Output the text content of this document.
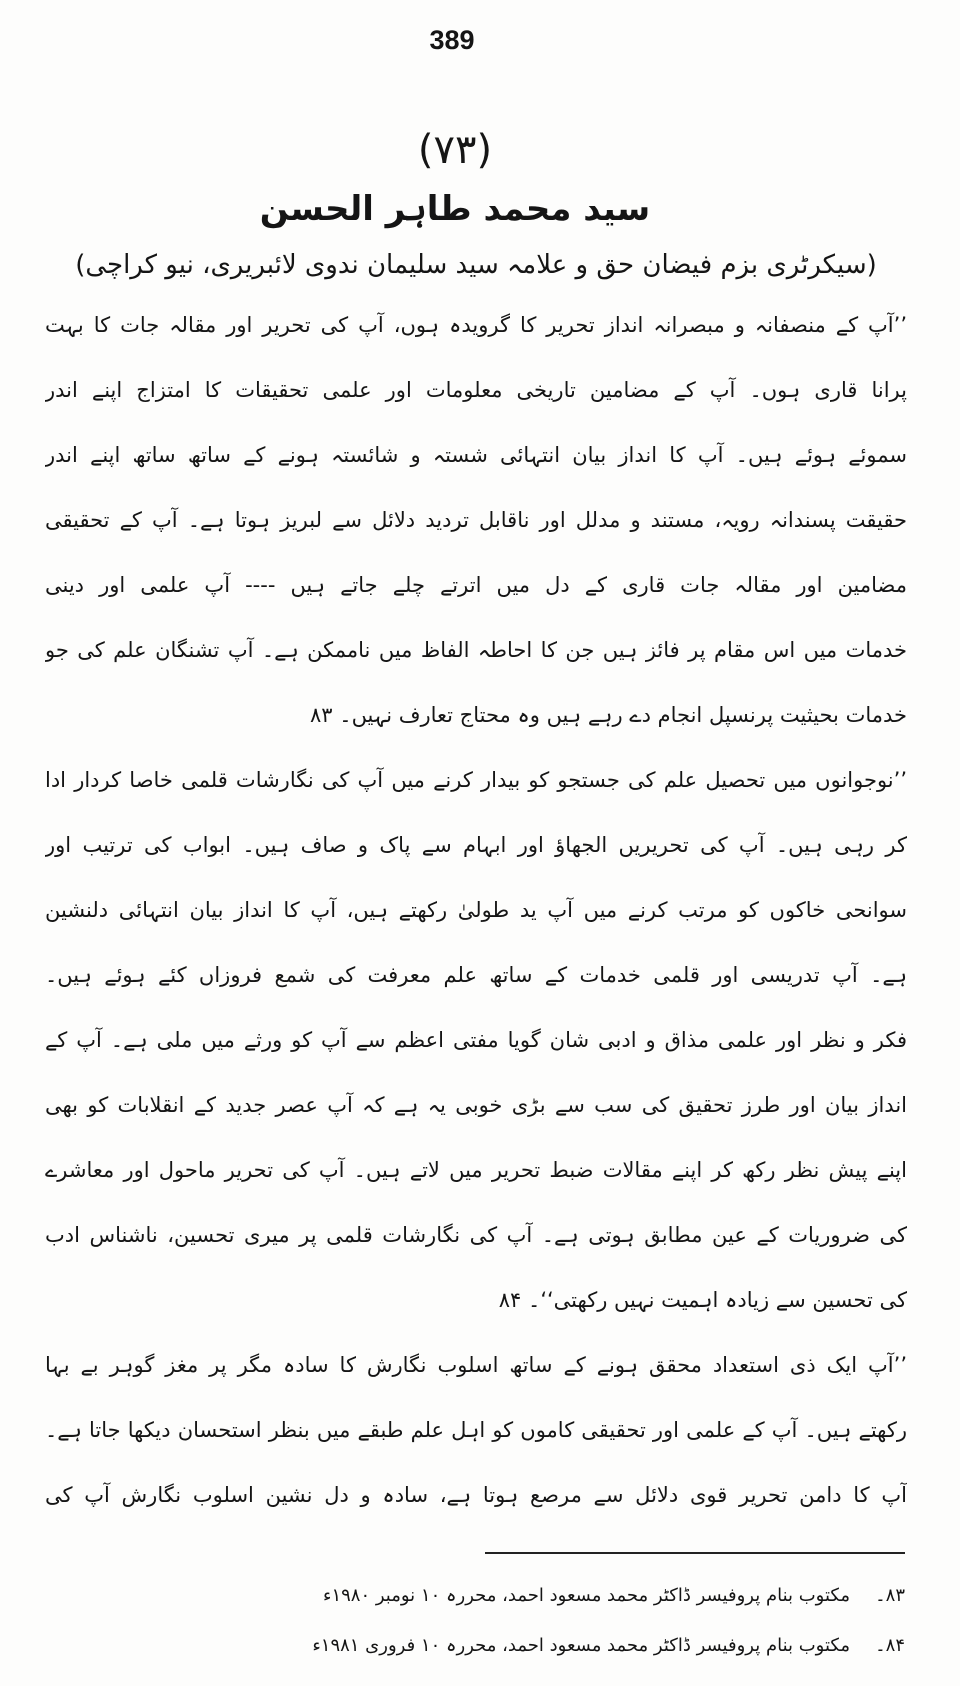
389
(۷۳)
سید محمد طاہر الحسن
(سیکرٹری بزم فیضان حق و علامہ سید سلیمان ندوی لائبریری، نیو کراچی)
’’آپ کے منصفانہ و مبصرانہ انداز تحریر کا گرویدہ ہوں، آپ کی تحریر اور مقالہ جات کا بہت
پرانا قاری ہوں۔ آپ کے مضامین تاریخی معلومات اور علمی تحقیقات کا امتزاج اپنے اندر
سموئے ہوئے ہیں۔ آپ کا انداز بیان انتہائی شستہ و شائستہ ہونے کے ساتھ ساتھ اپنے اندر
حقیقت پسندانہ رویہ، مستند و مدلل اور ناقابل تردید دلائل سے لبریز ہوتا ہے۔ آپ کے تحقیقی
مضامین اور مقالہ جات قاری کے دل میں اترتے چلے جاتے ہیں ---- آپ علمی اور دینی
خدمات میں اس مقام پر فائز ہیں جن کا احاطہ الفاظ میں ناممکن ہے۔ آپ تشنگان علم کی جو
خدمات بحیثیت پرنسپل انجام دے رہے ہیں وہ محتاج تعارف نہیں۔ ۸۳
’’نوجوانوں میں تحصیل علم کی جستجو کو بیدار کرنے میں آپ کی نگارشات قلمی خاصا کردار ادا
کر رہی ہیں۔ آپ کی تحریریں الجھاؤ اور ابہام سے پاک و صاف ہیں۔ ابواب کی ترتیب اور
سوانحی خاکوں کو مرتب کرنے میں آپ ید طولیٰ رکھتے ہیں، آپ کا انداز بیان انتہائی دلنشین
ہے۔ آپ تدریسی اور قلمی خدمات کے ساتھ علم معرفت کی شمع فروزاں کئے ہوئے ہیں۔
فکر و نظر اور علمی مذاق و ادبی شان گویا مفتی اعظم سے آپ کو ورثے میں ملی ہے۔ آپ کے
انداز بیان اور طرز تحقیق کی سب سے بڑی خوبی یہ ہے کہ آپ عصر جدید کے انقلابات کو بھی
اپنے پیش نظر رکھ کر اپنے مقالات ضبط تحریر میں لاتے ہیں۔ آپ کی تحریر ماحول اور معاشرے
کی ضروریات کے عین مطابق ہوتی ہے۔ آپ کی نگارشات قلمی پر میری تحسین، ناشناس ادب
کی تحسین سے زیادہ اہمیت نہیں رکھتی‘‘۔ ۸۴
’’آپ ایک ذی استعداد محقق ہونے کے ساتھ اسلوب نگارش کا سادہ مگر پر مغز گوہر بے بہا
رکھتے ہیں۔ آپ کے علمی اور تحقیقی کاموں کو اہل علم طبقے میں بنظر استحسان دیکھا جاتا ہے۔
آپ کا دامن تحریر قوی دلائل سے مرصع ہوتا ہے، سادہ و دل نشین اسلوب نگارش آپ کی
۸۳۔
مکتوب بنام پروفیسر ڈاکٹر محمد مسعود احمد، محررہ ۱۰ نومبر ۱۹۸۰ء
۸۴۔
مکتوب بنام پروفیسر ڈاکٹر محمد مسعود احمد، محررہ ۱۰ فروری ۱۹۸۱ء
